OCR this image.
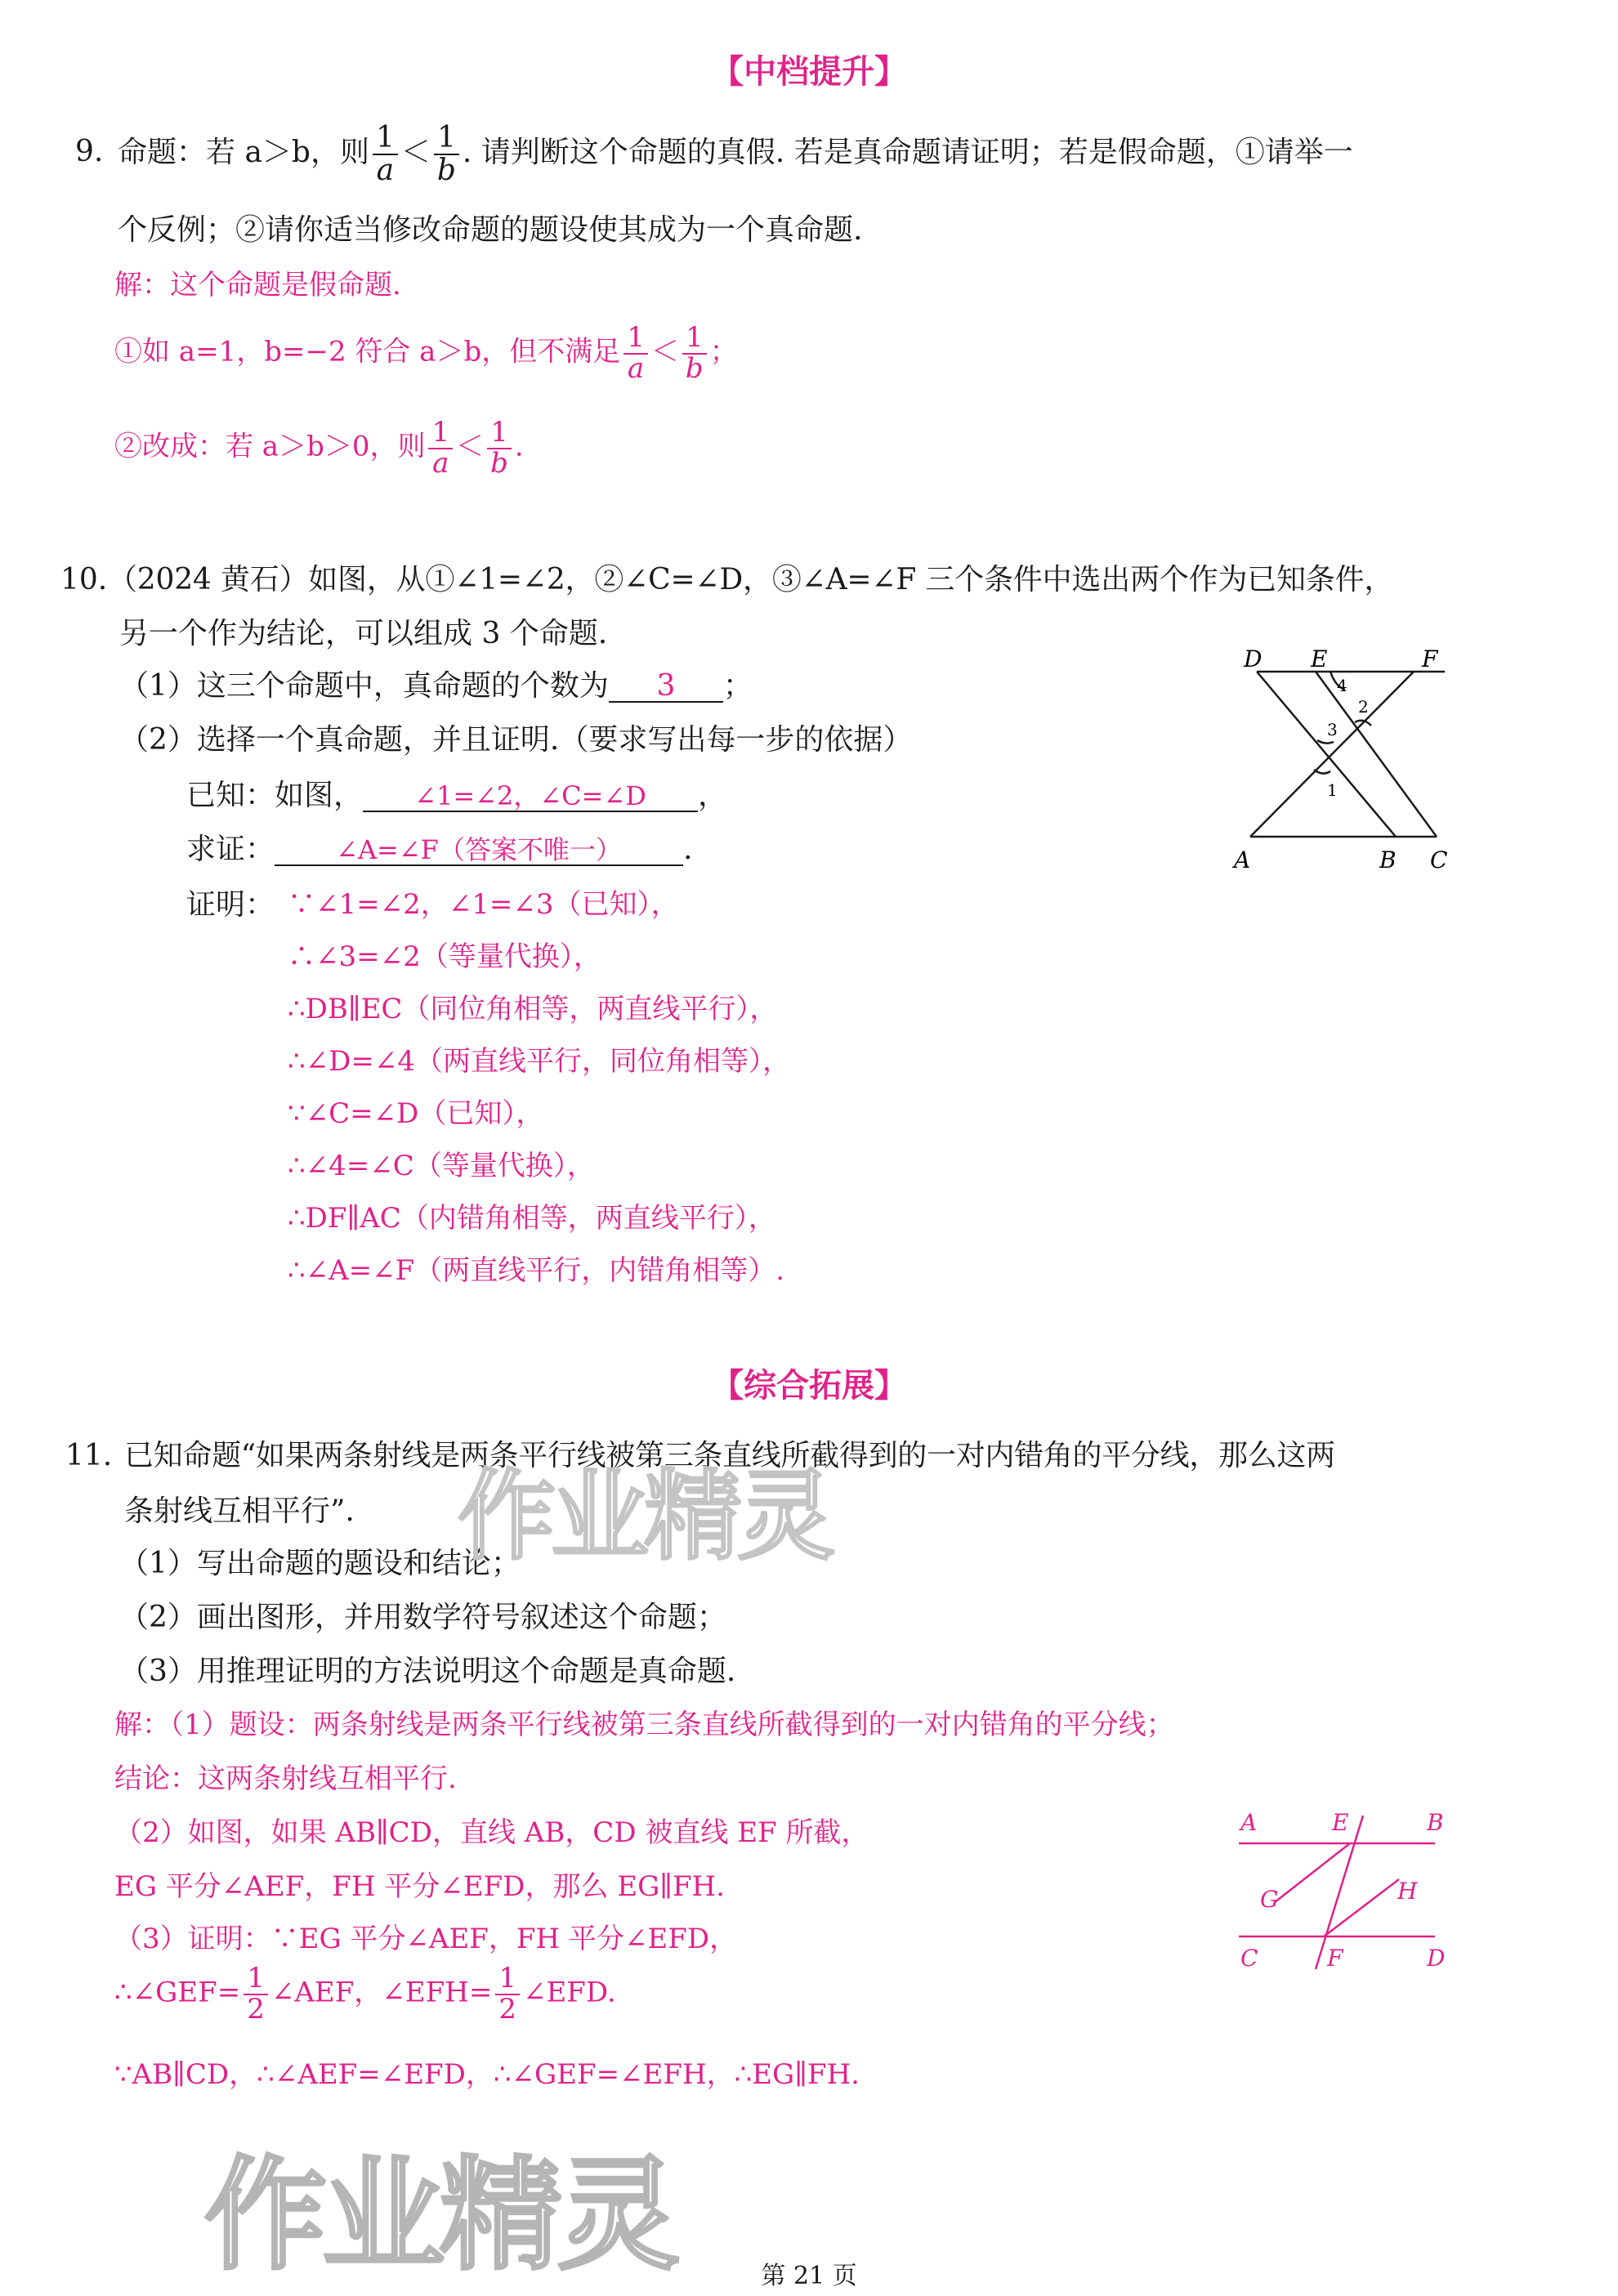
【中档提升】
9. 命题：若 a＞b，则 $\frac{1}{a} < \frac{1}{b}$ . 请判断这个命题的真假. 若是真命题请证明；若是假命题，①请举一
个反例；②请你适当修改命题的题设使其成为一个真命题.
解：这个命题是假命题.
①如 a=1，b=−2 符合 a＞b，但不满足 $\frac{1}{a} < \frac{1}{b}$ ；
②改成：若 a＞b＞0，则 $\frac{1}{a} < \frac{1}{b}$ .
10. （2024 黄石）如图，从①∠1=∠2，②∠C=∠D，③∠A=∠F 三个条件中选出两个作为已知条件，
另一个作为结论，可以组成 3 个命题.
（1）这三个命题中，真命题的个数为 3 ；
（2）选择一个真命题，并且证明.（要求写出每一步的依据）
已知：如图， ∠1=∠2，∠C=∠D ，
求证： ∠A=∠F（答案不唯一） .
证明： ∵∠1=∠2，∠1=∠3（已知），
∴∠3=∠2（等量代换），
∴DB∥EC（同位角相等，两直线平行），
∴∠D=∠4（两直线平行，同位角相等），
∵∠C=∠D（已知），
∴∠4=∠C（等量代换），
∴DF∥AC（内错角相等，两直线平行），
∴∠A=∠F（两直线平行，内错角相等）.
D E	F
A	B C
4
2
3
1
【综合拓展】
11. 已知命题“如果两条射线是两条平行线被第三条直线所截得到的一对内错角的平分线，那么这两
条射线互相平行”.
（1）写出命题的题设和结论；
（2）画出图形，并用数学符号叙述这个命题；
（3）用推理证明的方法说明这个命题是真命题.
解：（1）题设：两条射线是两条平行线被第三条直线所截得到的一对内错角的平分线；
结论：这两条射线互相平行.
（2）如图，如果 AB∥CD，直线 AB，CD 被直线 EF 所截，
EG 平分∠AEF，FH 平分∠EFD，那么 EG∥FH.
（3）证明：∵EG 平分∠AEF，FH 平分∠EFD，
∴∠GEF= $\frac{1}{2}$ ∠AEF，∠EFH= $\frac{1}{2}$ ∠EFD.
∵AB∥CD，∴∠AEF=∠EFD，∴∠GEF=∠EFH，∴EG∥FH.
A	E	B
G	H
C	F	D
作业精灵
作业精灵	第 21 页
